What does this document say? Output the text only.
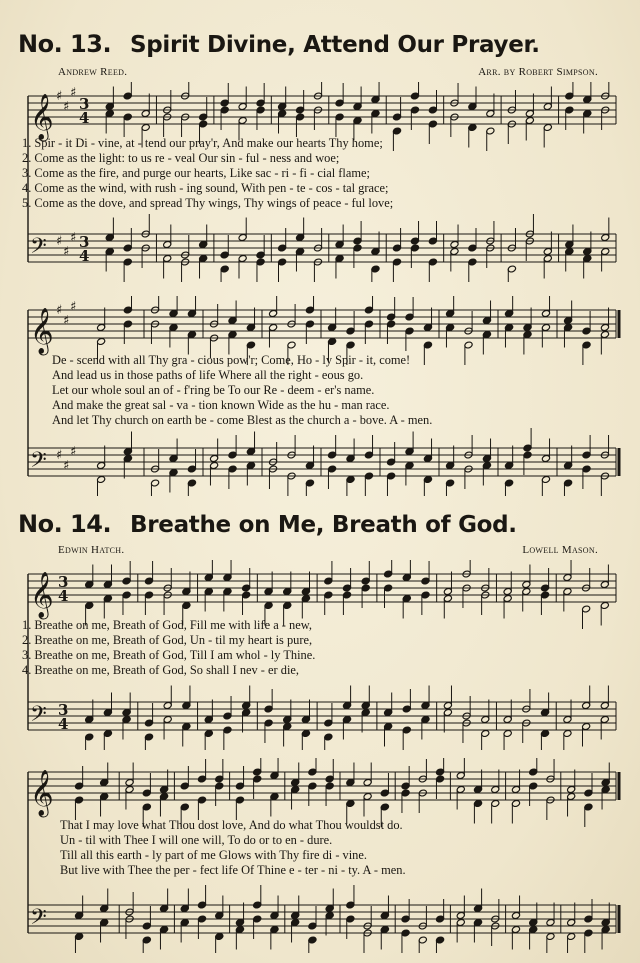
No. 13. Spirit Divine, Attend Our Prayer.
Andrew Reed.	Arr. by Robert Simpson.
𝄞 ♯
♯
♯
3
4
𝄢 ♯
♯
♯ 3
4
1. Spir - it Di - vine, at - tend our pray'r, And make our hearts Thy home;
2. Come as the light: to us re - veal Our sin - ful - ness and woe;
3. Come as the fire, and purge our hearts, Like sac - ri - fi - cial flame;
4. Come as the wind, with rush - ing sound, With pen - te - cos - tal grace;
5. Come as the dove, and spread Thy wings, Thy wings of peace - ful love;
𝄞 ♯
♯
♯
𝄢 ♯
♯
♯
De - scend with all Thy gra - cious pow'r; Come, Ho - ly Spir - it, come!
And lead us in those paths of life Where all the right - eous go.
Let our whole soul an of - f'ring be To our Re - deem - er's name.
And make the great sal - va - tion known Wide as the hu - man race.
And let Thy church on earth be - come Blest as the church a - bove. A - men.
No. 14. Breathe on Me, Breath of God.
Edwin Hatch.	Lowell Mason.
𝄞 3
4
𝄢 3
4
1. Breathe on me, Breath of God, Fill me with life a - new,
2. Breathe on me, Breath of God, Un - til my heart is pure,
3. Breathe on me, Breath of God, Till I am whol - ly Thine.
4. Breathe on me, Breath of God, So shall I nev - er die,
𝄞
𝄢
That I may love what Thou dost love, And do what Thou wouldst do.
Un - til with Thee I will one will, To do or to en - dure.
Till all this earth - ly part of me Glows with Thy fire di - vine.
But live with Thee the per - fect life Of Thine e - ter - ni - ty. A - men.
